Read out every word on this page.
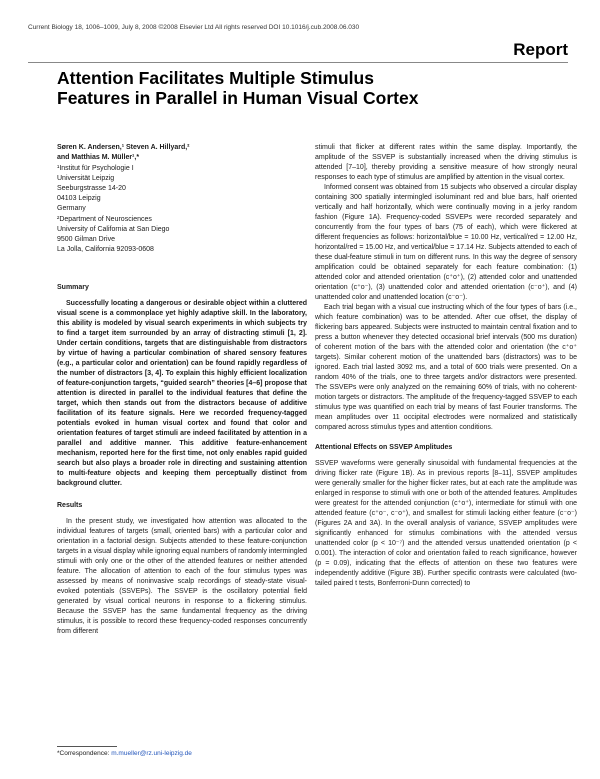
Current Biology 18, 1006–1009, July 8, 2008 ©2008 Elsevier Ltd All rights reserved DOI 10.1016/j.cub.2008.06.030
Report
Attention Facilitates Multiple Stimulus
Features in Parallel in Human Visual Cortex
Søren K. Andersen,¹ Steven A. Hillyard,²
and Matthias M. Müller¹,*
¹Institut für Psychologie I
Universität Leipzig
Seeburgstrasse 14-20
04103 Leipzig
Germany
²Department of Neurosciences
University of California at San Diego
9500 Gilman Drive
La Jolla, California 92093-0608
Summary

Successfully locating a dangerous or desirable object within a cluttered visual scene is a commonplace yet highly adaptive skill. In the laboratory, this ability is modeled by visual search experiments in which subjects try to find a target item surrounded by an array of distracting stimuli [1, 2]. Under certain conditions, targets that are distinguishable from distractors by virtue of having a particular combination of shared sensory features (e.g., a particular color and orientation) can be found rapidly regardless of the number of distractors [3, 4]. To explain this highly efficient localization of feature-conjunction targets, “guided search” theories [4–6] propose that attention is directed in parallel to the individual features that define the target, which then stands out from the distractors because of additive facilitation of its feature signals. Here we recorded frequency-tagged potentials evoked in human visual cortex and found that color and orientation features of target stimuli are indeed facilitated by attention in a parallel and additive manner. This additive feature-enhancement mechanism, reported here for the first time, not only enables rapid guided search but also plays a broader role in directing and sustaining attention to multi-feature objects and keeping them perceptually distinct from background clutter.

Results

In the present study, we investigated how attention was allocated to the individual features of targets (small, oriented bars) with a particular color and orientation in a factorial design. Subjects attended to these feature-conjunction targets in a visual display while ignoring equal numbers of randomly intermingled stimuli with only one or the other of the attended features or neither attended feature. The allocation of attention to each of the four stimulus types was assessed by means of noninvasive scalp recordings of steady-state visual-evoked potentials (SSVEPs). The SSVEP is the oscillatory potential field generated by visual cortical neurons in response to a flickering stimulus. Because the SSVEP has the same fundamental frequency as the driving stimulus, it is possible to record these frequency-coded responses concurrently from different

stimuli that flicker at different rates within the same display. Importantly, the amplitude of the SSVEP is substantially increased when the driving stimulus is attended [7–10], thereby providing a sensitive measure of how strongly neural responses to each type of stimulus are amplified by attention in the visual cortex.

Informed consent was obtained from 15 subjects who observed a circular display containing 300 spatially intermingled isoluminant red and blue bars, half oriented vertically and half horizontally, which were continually moving in a jerky random fashion (Figure 1A). Frequency-coded SSVEPs were recorded separately and concurrently from the four types of bars (75 of each), which were flickered at different frequencies as follows: horizontal/blue = 10.00 Hz, vertical/red = 12.00 Hz, horizontal/red = 15.00 Hz, and vertical/blue = 17.14 Hz. Subjects attended to each of these dual-feature stimuli in turn on different runs. In this way the degree of sensory amplification could be obtained separately for each feature combination: (1) attended color and attended orientation (c⁺o⁺), (2) attended color and unattended orientation (c⁺o⁻), (3) unattended color and attended orientation (c⁻o⁺), and (4) unattended color and unattended location (c⁻o⁻).

Each trial began with a visual cue instructing which of the four types of bars (i.e., which feature combination) was to be attended. After cue offset, the display of flickering bars appeared. Subjects were instructed to maintain central fixation and to press a button whenever they detected occasional brief intervals (500 ms duration) of coherent motion of the bars with the attended color and orientation (the c⁺o⁺ targets). Similar coherent motion of the unattended bars (distractors) was to be ignored. Each trial lasted 3092 ms, and a total of 600 trials were presented. On a random 40% of the trials, one to three targets and/or distractors were presented. The SSVEPs were only analyzed on the remaining 60% of trials, with no coherent-motion targets or distractors. The amplitude of the frequency-tagged SSVEP to each stimulus type was quantified on each trial by means of fast Fourier transforms. The mean amplitudes over 11 occipital electrodes were normalized and statistically compared across stimulus types and attention conditions.

Attentional Effects on SSVEP Amplitudes

SSVEP waveforms were generally sinusoidal with fundamental frequencies at the driving flicker rate (Figure 1B). As in previous reports [8–11], SSVEP amplitudes were generally smaller for the higher flicker rates, but at each rate the amplitude was enlarged in response to stimuli with one or both of the attended features. Amplitudes were greatest for the attended conjunction (c⁺o⁺), intermediate for stimuli with one attended feature (c⁺o⁻, c⁻o⁺), and smallest for stimuli lacking either feature (c⁻o⁻) (Figures 2A and 3A). In the overall analysis of variance, SSVEP amplitudes were significantly enhanced for stimulus combinations with the attended versus unattended color (p < 10⁻⁷) and the attended versus unattended orientation (p < 0.001). The interaction of color and orientation failed to reach significance, however (p = 0.09), indicating that the effects of attention on these two features were independently additive (Figure 3B). Further specific contrasts were calculated (two-tailed paired t tests, Bonferroni-Dunn corrected) to

*Correspondence: m.mueller@rz.uni-leipzig.de
